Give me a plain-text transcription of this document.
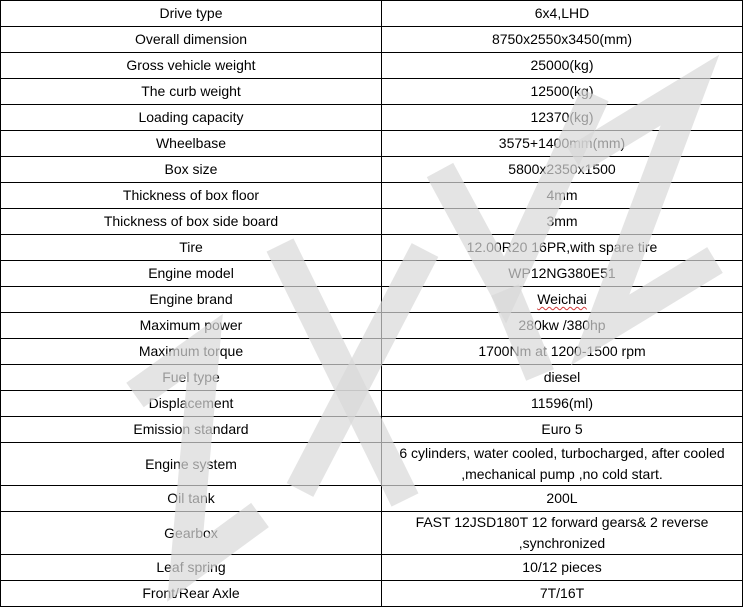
Drive type	6x4,LHD
Overall dimension	8750x2550x3450(mm)
Gross vehicle weight	25000(kg)
The curb weight	12500(kg)
Loading capacity	12370(kg)
Wheelbase	3575+1400mm(mm)
Box size	5800x2350x1500
Thickness of box floor	4mm
Thickness of box side board	3mm
Tire	12.00R20 16PR,with spare tire
Engine model	WP12NG380E51
Engine brand	Weichai
Maximum power	280kw /380hp
Maximum torque	1700Nm at 1200-1500 rpm
Fuel type	diesel
Displacement	11596(ml)
Emission standard	Euro 5
Engine system	6 cylinders, water cooled, turbocharged, after cooled ,mechanical pump ,no cold start.
Oil tank	200L
Gearbox	FAST 12JSD180T 12 forward gears& 2 reverse ,synchronized
Leaf spring	10/12 pieces
Front/Rear Axle	7T/16T
